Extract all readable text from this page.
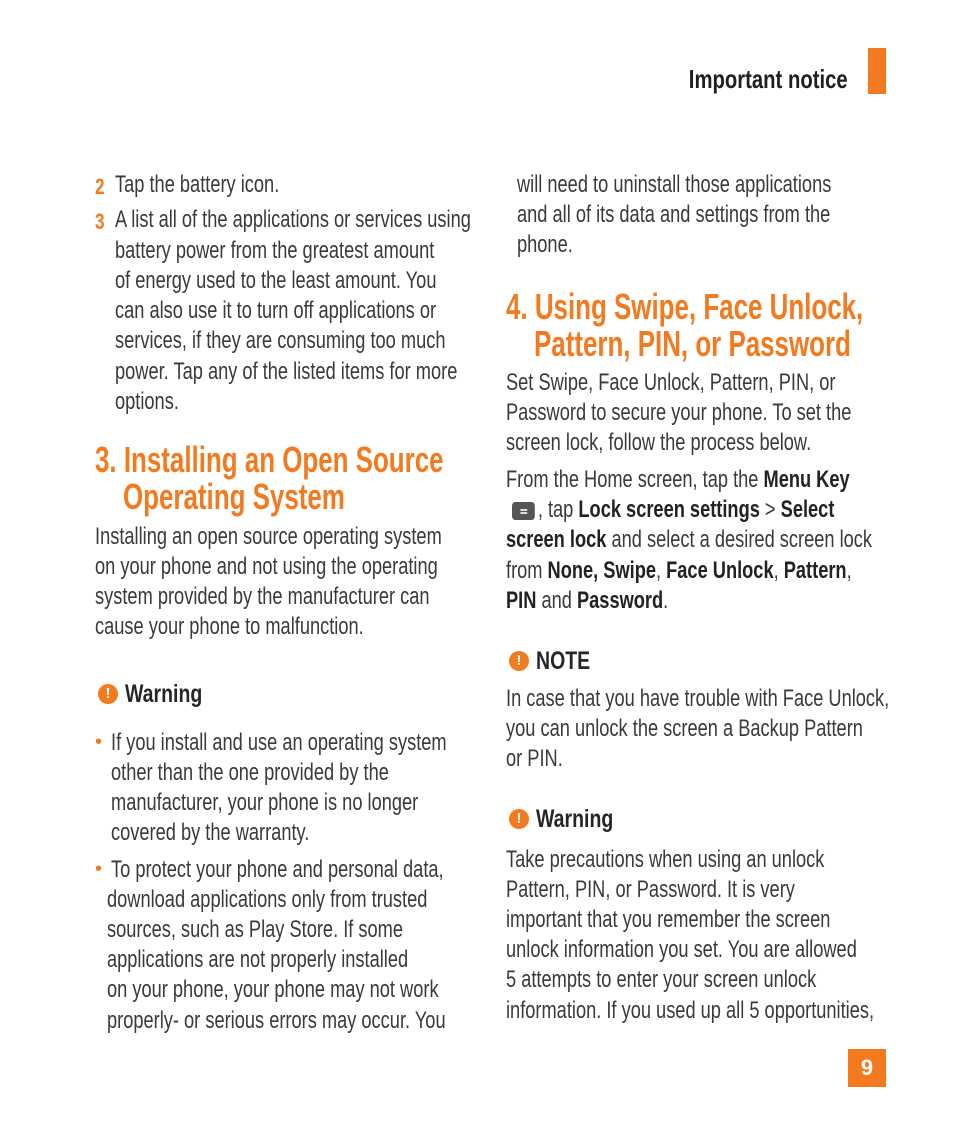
Important notice
2 Tap the battery icon.
3 A list all of the applications or services using
battery power from the greatest amount
of energy used to the least amount. You
can also use it to turn off applications or
services, if they are consuming too much
power. Tap any of the listed items for more
options.
3. Installing an Open Source
Operating System
Installing an open source operating system
on your phone and not using the operating
system provided by the manufacturer can
cause your phone to malfunction.
! Warning
• If you install and use an operating system
other than the one provided by the
manufacturer, your phone is no longer
covered by the warranty.
• To protect your phone and personal data,
download applications only from trusted
sources, such as Play Store. If some
applications are not properly installed
on your phone, your phone may not work
properly- or serious errors may occur. You
will need to uninstall those applications
and all of its data and settings from the
phone.
4. Using Swipe, Face Unlock,
Pattern, PIN, or Password
Set Swipe, Face Unlock, Pattern, PIN, or
Password to secure your phone. To set the
screen lock, follow the process below.
From the Home screen, tap the Menu Key
, tap Lock screen settings > Select
screen lock and select a desired screen lock
from None, Swipe, Face Unlock, Pattern,
PIN and Password.
! NOTE
In case that you have trouble with Face Unlock,
you can unlock the screen a Backup Pattern
or PIN.
! Warning
Take precautions when using an unlock
Pattern, PIN, or Password. It is very
important that you remember the screen
unlock information you set. You are allowed
5 attempts to enter your screen unlock
information. If you used up all 5 opportunities,
9
